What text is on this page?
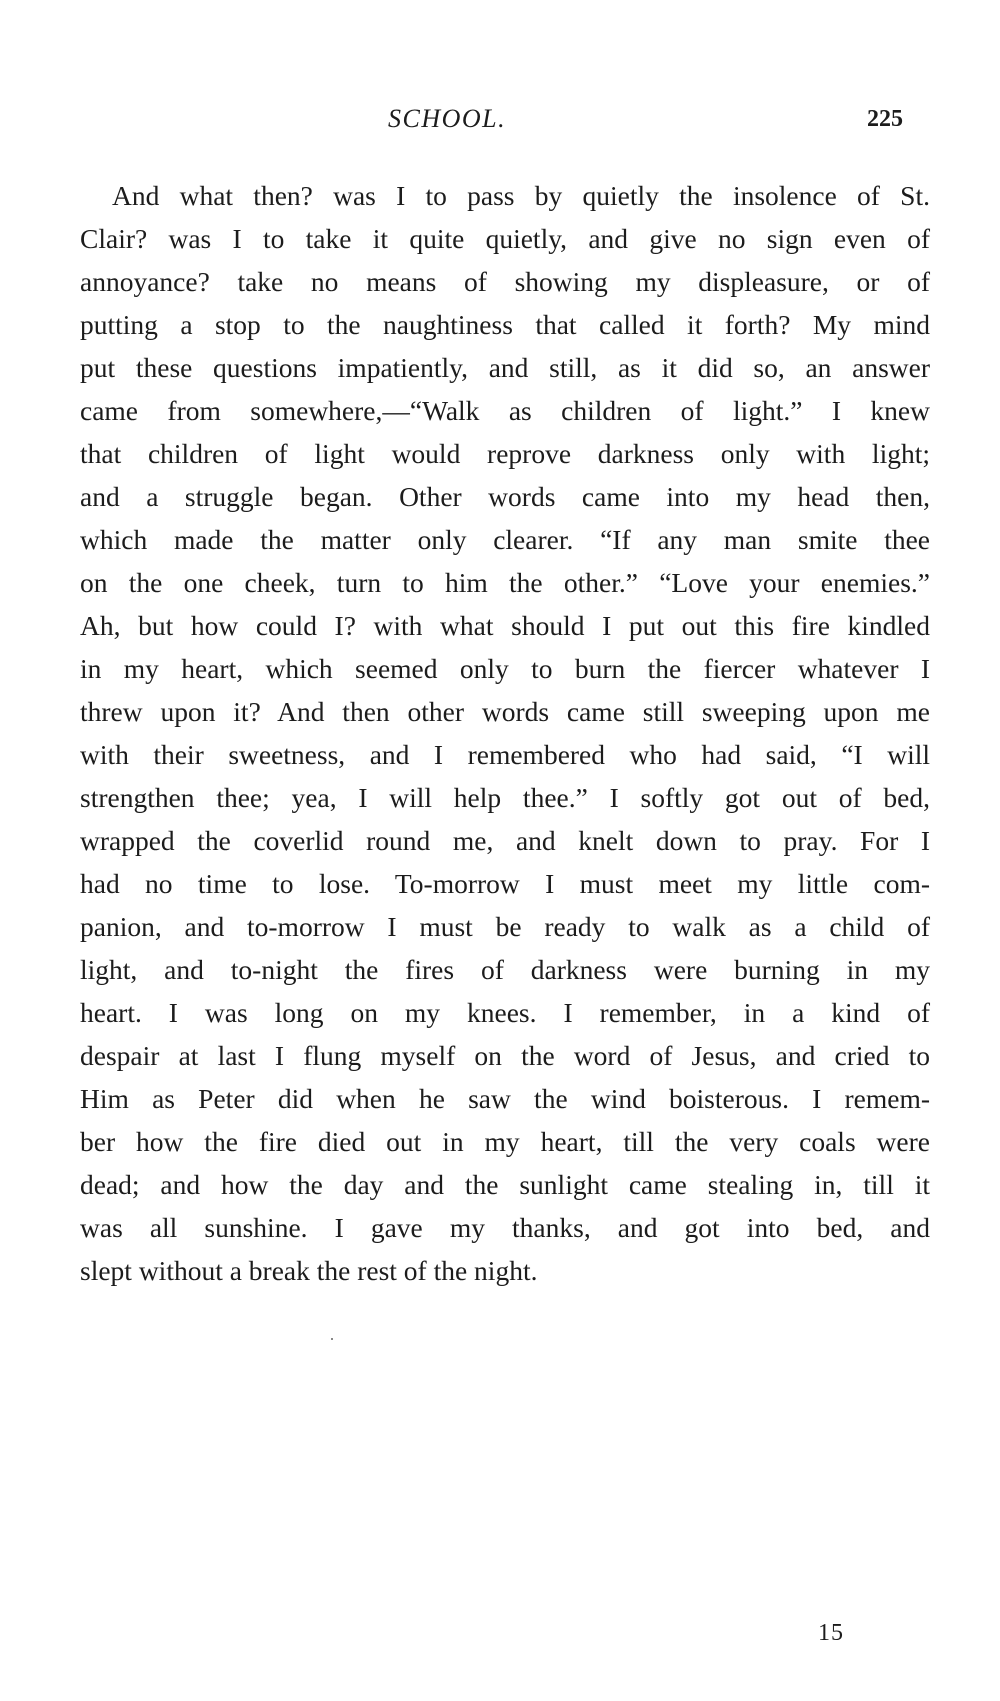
SCHOOL.	225
And what then? was I to pass by quietly the insolence of St.
Clair? was I to take it quite quietly, and give no sign even of
annoyance? take no means of showing my displeasure, or of
putting a stop to the naughtiness that called it forth? My mind
put these questions impatiently, and still, as it did so, an answer
came from somewhere,—“Walk as children of light.” I knew
that children of light would reprove darkness only with light;
and a struggle began. Other words came into my head then,
which made the matter only clearer. “If any man smite thee
on the one cheek, turn to him the other.” “Love your enemies.”
Ah, but how could I? with what should I put out this fire kindled
in my heart, which seemed only to burn the fiercer whatever I
threw upon it? And then other words came still sweeping upon me
with their sweetness, and I remembered who had said, “I will
strengthen thee; yea, I will help thee.” I softly got out of bed,
wrapped the coverlid round me, and knelt down to pray. For I
had no time to lose. To-morrow I must meet my little com-
panion, and to-morrow I must be ready to walk as a child of
light, and to-night the fires of darkness were burning in my
heart. I was long on my knees. I remember, in a kind of
despair at last I flung myself on the word of Jesus, and cried to
Him as Peter did when he saw the wind boisterous. I remem-
ber how the fire died out in my heart, till the very coals were
dead; and how the day and the sunlight came stealing in, till it
was all sunshine. I gave my thanks, and got into bed, and
slept without a break the rest of the night.
15
